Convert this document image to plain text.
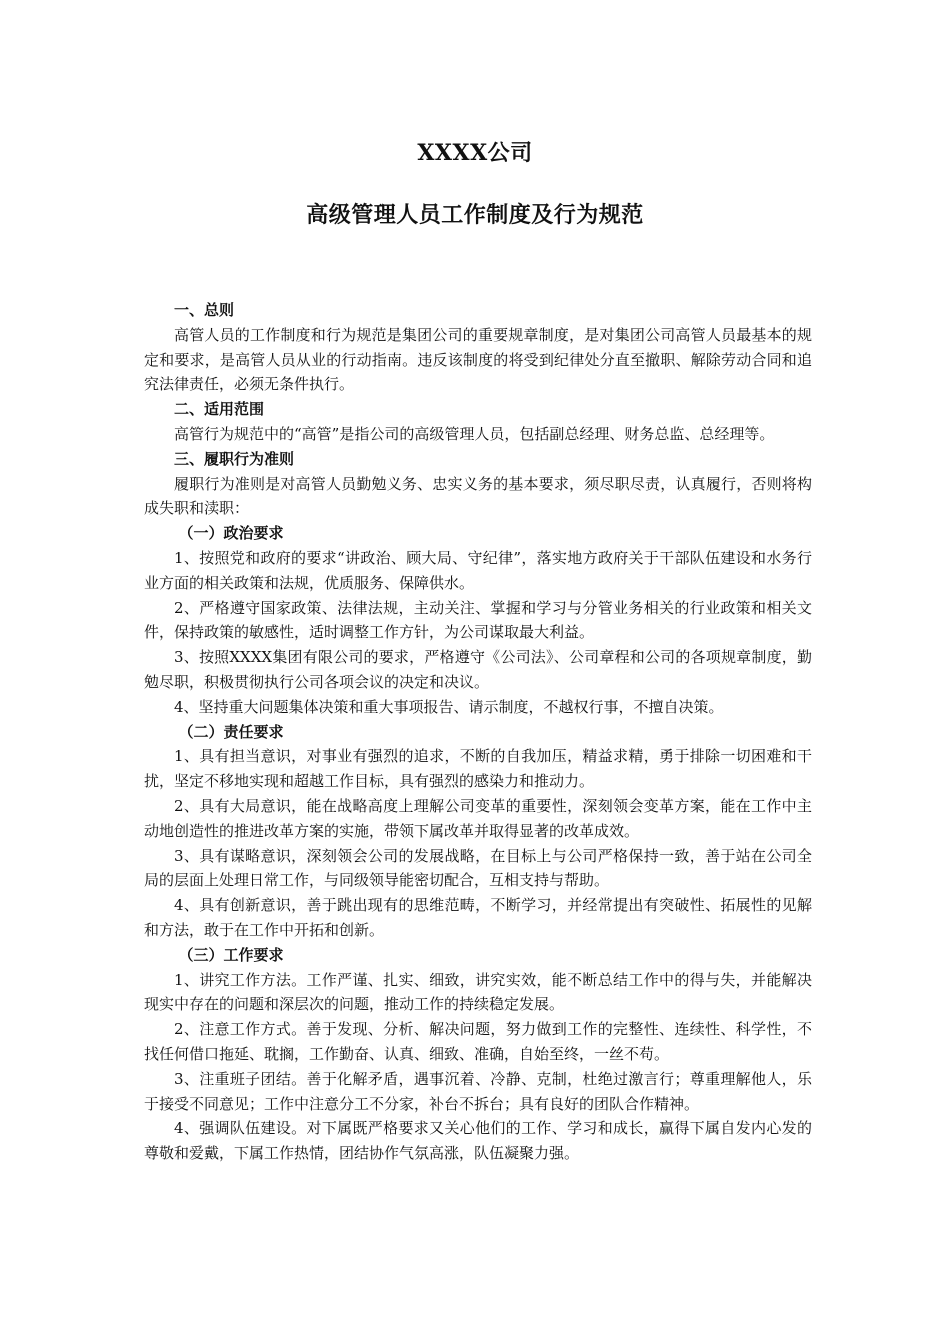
XXXX公司
高级管理人员工作制度及行为规范

一、总则

高管人员的工作制度和行为规范是集团公司的重要规章制度，是对集团公司高管人员最基本的规定和要求，是高管人员从业的行动指南。违反该制度的将受到纪律处分直至撤职、解除劳动合同和追究法律责任，必须无条件执行。

二、适用范围

高管行为规范中的“高管”是指公司的高级管理人员，包括副总经理、财务总监、总经理等。

三、履职行为准则

履职行为准则是对高管人员勤勉义务、忠实义务的基本要求，须尽职尽责，认真履行，否则将构成失职和渎职：

（一）政治要求

1、按照党和政府的要求“讲政治、顾大局、守纪律”，落实地方政府关于干部队伍建设和水务行业方面的相关政策和法规，优质服务、保障供水。

2、严格遵守国家政策、法律法规，主动关注、掌握和学习与分管业务相关的行业政策和相关文件，保持政策的敏感性，适时调整工作方针，为公司谋取最大利益。

3、按照XXXX集团有限公司的要求，严格遵守《公司法》、公司章程和公司的各项规章制度，勤勉尽职，积极贯彻执行公司各项会议的决定和决议。

4、坚持重大问题集体决策和重大事项报告、请示制度，不越权行事，不擅自决策。

（二）责任要求

1、具有担当意识，对事业有强烈的追求，不断的自我加压，精益求精，勇于排除一切困难和干扰，坚定不移地实现和超越工作目标，具有强烈的感染力和推动力。

2、具有大局意识，能在战略高度上理解公司变革的重要性，深刻领会变革方案，能在工作中主动地创造性的推进改革方案的实施，带领下属改革并取得显著的改革成效。

3、具有谋略意识，深刻领会公司的发展战略，在目标上与公司严格保持一致，善于站在公司全局的层面上处理日常工作，与同级领导能密切配合，互相支持与帮助。

4、具有创新意识，善于跳出现有的思维范畴，不断学习，并经常提出有突破性、拓展性的见解和方法，敢于在工作中开拓和创新。

（三）工作要求

1、讲究工作方法。工作严谨、扎实、细致，讲究实效，能不断总结工作中的得与失，并能解决现实中存在的问题和深层次的问题，推动工作的持续稳定发展。

2、注意工作方式。善于发现、分析、解决问题，努力做到工作的完整性、连续性、科学性，不找任何借口拖延、耽搁，工作勤奋、认真、细致、准确，自始至终，一丝不苟。

3、注重班子团结。善于化解矛盾，遇事沉着、冷静、克制，杜绝过激言行；尊重理解他人，乐于接受不同意见；工作中注意分工不分家，补台不拆台；具有良好的团队合作精神。

4、强调队伍建设。对下属既严格要求又关心他们的工作、学习和成长，赢得下属自发内心发的尊敬和爱戴，下属工作热情，团结协作气氛高涨，队伍凝聚力强。
